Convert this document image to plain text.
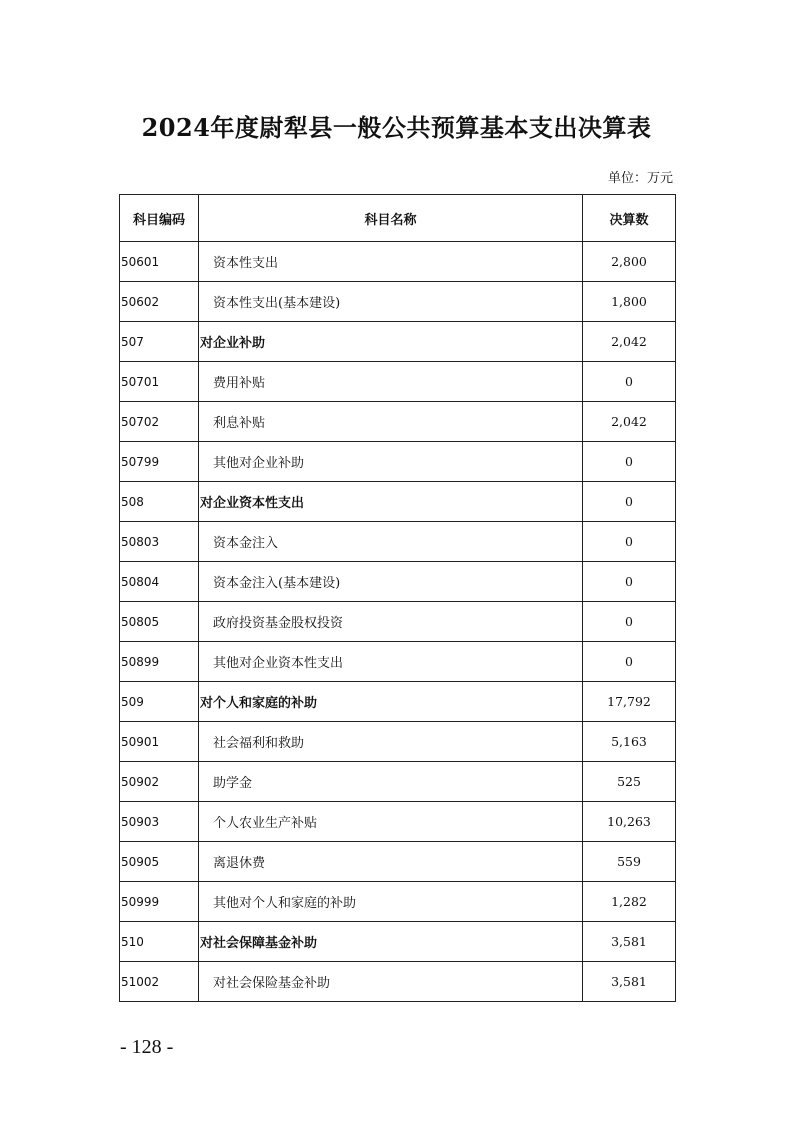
2024年度尉犁县一般公共预算基本支出决算表
单位：万元
科目编码	科目名称	决算数
50601	资本性支出	2,800
50602	资本性支出(基本建设)	1,800
507	对企业补助	2,042
50701	费用补贴	0
50702	利息补贴	2,042
50799	其他对企业补助	0
508	对企业资本性支出	0
50803	资本金注入	0
50804	资本金注入(基本建设)	0
50805	政府投资基金股权投资	0
50899	其他对企业资本性支出	0
509	对个人和家庭的补助	17,792
50901	社会福利和救助	5,163
50902	助学金	525
50903	个人农业生产补贴	10,263
50905	离退休费	559
50999	其他对个人和家庭的补助	1,282
510	对社会保障基金补助	3,581
51002	对社会保险基金补助	3,581
- 128 -
